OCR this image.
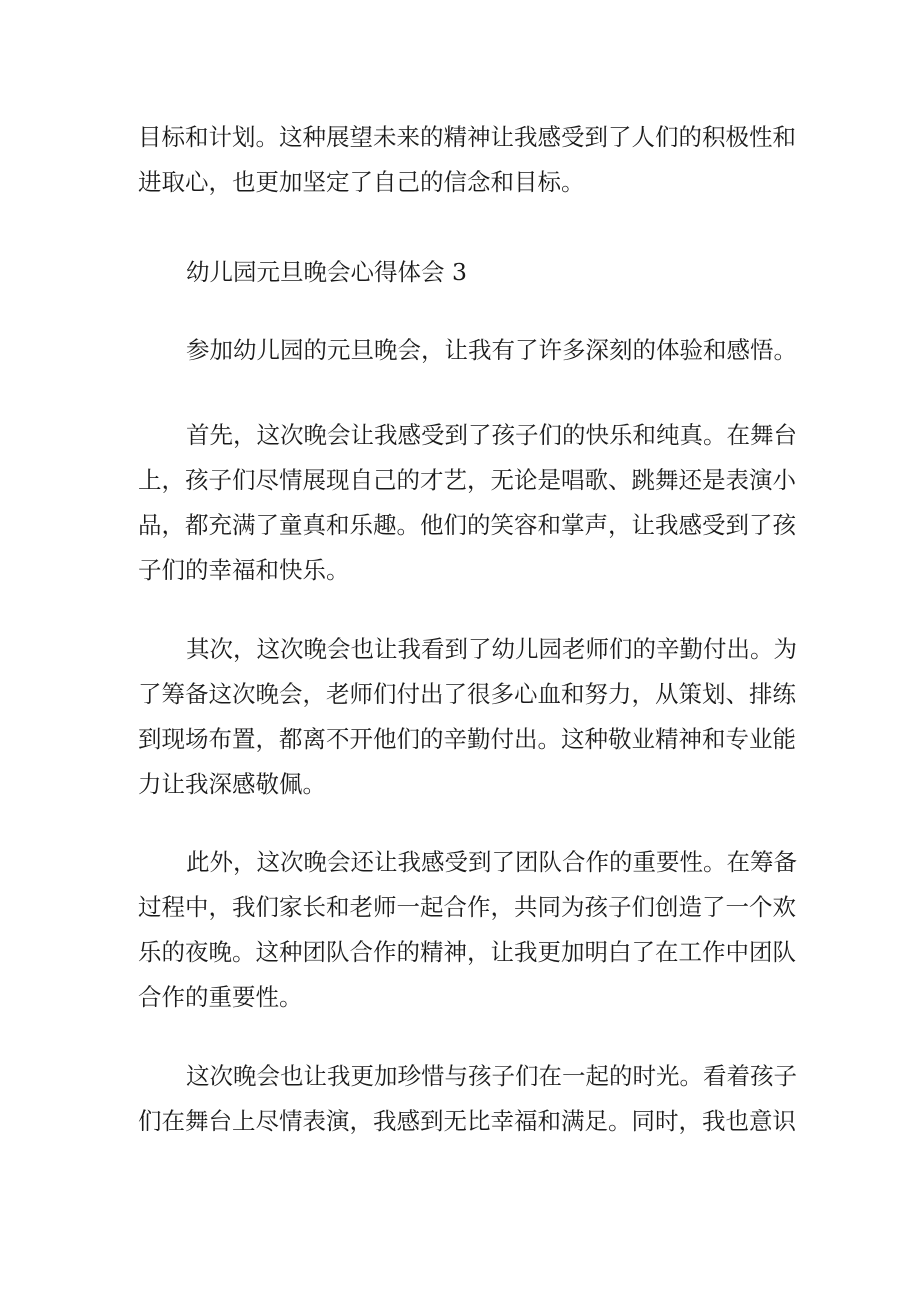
目标和计划。这种展望未来的精神让我感受到了人们的积极性和
进取心，也更加坚定了自己的信念和目标。

幼儿园元旦晚会心得体会 3

参加幼儿园的元旦晚会，让我有了许多深刻的体验和感悟。

首先，这次晚会让我感受到了孩子们的快乐和纯真。在舞台
上，孩子们尽情展现自己的才艺，无论是唱歌、跳舞还是表演小
品，都充满了童真和乐趣。他们的笑容和掌声，让我感受到了孩
子们的幸福和快乐。

其次，这次晚会也让我看到了幼儿园老师们的辛勤付出。为
了筹备这次晚会，老师们付出了很多心血和努力，从策划、排练
到现场布置，都离不开他们的辛勤付出。这种敬业精神和专业能
力让我深感敬佩。

此外，这次晚会还让我感受到了团队合作的重要性。在筹备
过程中，我们家长和老师一起合作，共同为孩子们创造了一个欢
乐的夜晚。这种团队合作的精神，让我更加明白了在工作中团队
合作的重要性。

这次晚会也让我更加珍惜与孩子们在一起的时光。看着孩子
们在舞台上尽情表演，我感到无比幸福和满足。同时，我也意识
